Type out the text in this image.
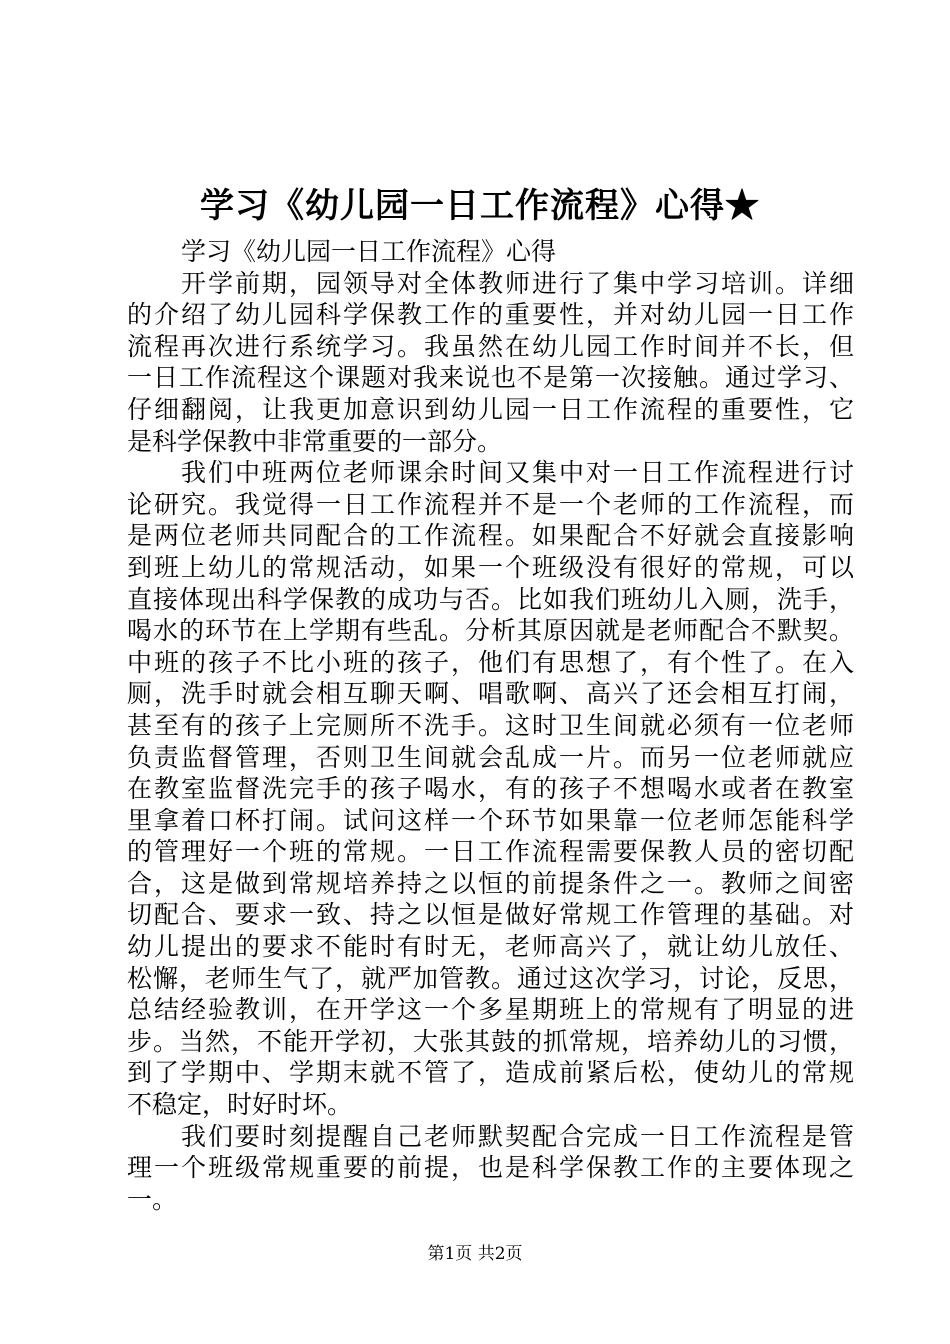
学习《幼儿园一日工作流程》心得★
学习《幼儿园一日工作流程》心得
开学前期，园领导对全体教师进行了集中学习培训。详细
的介绍了幼儿园科学保教工作的重要性，并对幼儿园一日工作
流程再次进行系统学习。我虽然在幼儿园工作时间并不长，但
一日工作流程这个课题对我来说也不是第一次接触。通过学习、
仔细翻阅，让我更加意识到幼儿园一日工作流程的重要性，它
是科学保教中非常重要的一部分。
我们中班两位老师课余时间又集中对一日工作流程进行讨
论研究。我觉得一日工作流程并不是一个老师的工作流程，而
是两位老师共同配合的工作流程。如果配合不好就会直接影响
到班上幼儿的常规活动，如果一个班级没有很好的常规，可以
直接体现出科学保教的成功与否。比如我们班幼儿入厕，洗手，
喝水的环节在上学期有些乱。分析其原因就是老师配合不默契。
中班的孩子不比小班的孩子，他们有思想了，有个性了。在入
厕，洗手时就会相互聊天啊、唱歌啊、高兴了还会相互打闹，
甚至有的孩子上完厕所不洗手。这时卫生间就必须有一位老师
负责监督管理，否则卫生间就会乱成一片。而另一位老师就应
在教室监督洗完手的孩子喝水，有的孩子不想喝水或者在教室
里拿着口杯打闹。试问这样一个环节如果靠一位老师怎能科学
的管理好一个班的常规。一日工作流程需要保教人员的密切配
合，这是做到常规培养持之以恒的前提条件之一。教师之间密
切配合、要求一致、持之以恒是做好常规工作管理的基础。对
幼儿提出的要求不能时有时无，老师高兴了，就让幼儿放任、
松懈，老师生气了，就严加管教。通过这次学习，讨论，反思，
总结经验教训，在开学这一个多星期班上的常规有了明显的进
步。当然，不能开学初，大张其鼓的抓常规，培养幼儿的习惯，
到了学期中、学期末就不管了，造成前紧后松，使幼儿的常规
不稳定，时好时坏。
我们要时刻提醒自己老师默契配合完成一日工作流程是管
理一个班级常规重要的前提，也是科学保教工作的主要体现之
一。
第1页 共2页
